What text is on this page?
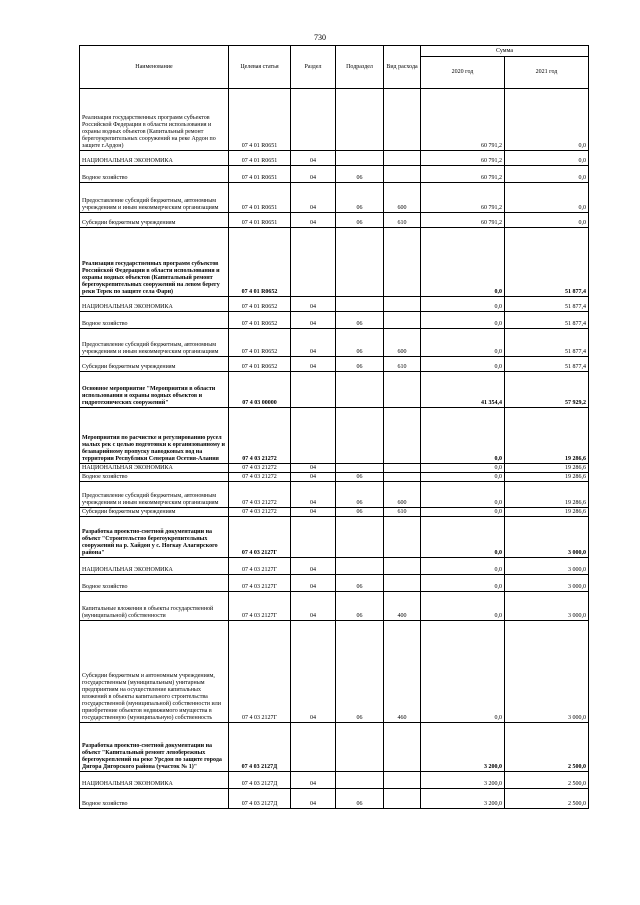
730
Наименование	Целевая статья	Раздел	Подраздел	Вид расхода	Сумма	
					2020 год	2021 год
Реализация государственных программ субъектов Российской Федерации в области использования и охраны водных объектов (Капитальный ремонт берегоукрепительных сооружений на реке Ардон по защите г.Ардон)	07 4 01 R0651				60 791,2	0,0
НАЦИОНАЛЬНАЯ ЭКОНОМИКА	07 4 01 R0651	04			60 791,2	0,0
Водное хозяйство	07 4 01 R0651	04	06		60 791,2	0,0
Предоставление субсидий бюджетным, автономным учреждениям и иным некоммерческим организациям	07 4 01 R0651	04	06	600	60 791,2	0,0
Субсидии бюджетным учреждениям	07 4 01 R0651	04	06	610	60 791,2	0,0
Реализация государственных программ субъектов Российской Федерации в области использования и охраны водных объектов (Капитальный ремонт берегоукрепительных сооружений на левом берегу реки Терек по защите села Фарн)	07 4 01 R0652				0,0	51 877,4
НАЦИОНАЛЬНАЯ ЭКОНОМИКА	07 4 01 R0652	04			0,0	51 877,4
Водное хозяйство	07 4 01 R0652	04	06		0,0	51 877,4
Предоставление субсидий бюджетным, автономным учреждениям и иным некоммерческим организациям	07 4 01 R0652	04	06	600	0,0	51 877,4
Субсидии бюджетным учреждениям	07 4 01 R0652	04	06	610	0,0	51 877,4
Основное мероприятие "Мероприятия в области использования и охраны водных объектов и гидротехнических сооружений"	07 4 03 00000				41 354,4	57 929,2
Мероприятия по расчистке и регулированию русел малых рек с целью подготовки к организованному и безаварийному пропуску паводковых вод на территории Республики Северная Осетия-Алания	07 4 03 21272				0,0	19 286,6
НАЦИОНАЛЬНАЯ ЭКОНОМИКА	07 4 03 21272	04			0,0	19 286,6
Водное хозяйство	07 4 03 21272	04	06		0,0	19 286,6
Предоставление субсидий бюджетным, автономным учреждениям и иным некоммерческим организациям	07 4 03 21272	04	06	600	0,0	19 286,6
Субсидии бюджетным учреждениям	07 4 03 21272	04	06	610	0,0	19 286,6
Разработка проектно-сметной документации на объект "Строительство берегоукрепительных сооружений на р. Хайдон у с. Ногкау Алагирского района"	07 4 03 2127Г				0,0	3 000,0
НАЦИОНАЛЬНАЯ ЭКОНОМИКА	07 4 03 2127Г	04			0,0	3 000,0
Водное хозяйство	07 4 03 2127Г	04	06		0,0	3 000,0
Капитальные вложения в объекты государственной (муниципальной) собственности	07 4 03 2127Г	04	06	400	0,0	3 000,0
Субсидии бюджетным и автономным учреждениям, государственным (муниципальным) унитарным предприятиям на осуществление капитальных вложений в объекты капитального строительства государственной (муниципальной) собственности или приобретение объектов недвижимого имущества в государственную (муниципальную) собственность	07 4 03 2127Г	04	06	460	0,0	3 000,0
Разработка проектно-сметной документации на объект "Капитальный ремонт левобережных берегоукреплений на реке Урсдон по защите города Дигора Дигорского района (участок № 1)"	07 4 03 2127Д				3 200,0	2 500,0
НАЦИОНАЛЬНАЯ ЭКОНОМИКА	07 4 03 2127Д	04			3 200,0	2 500,0
Водное хозяйство	07 4 03 2127Д	04	06		3 200,0	2 500,0
